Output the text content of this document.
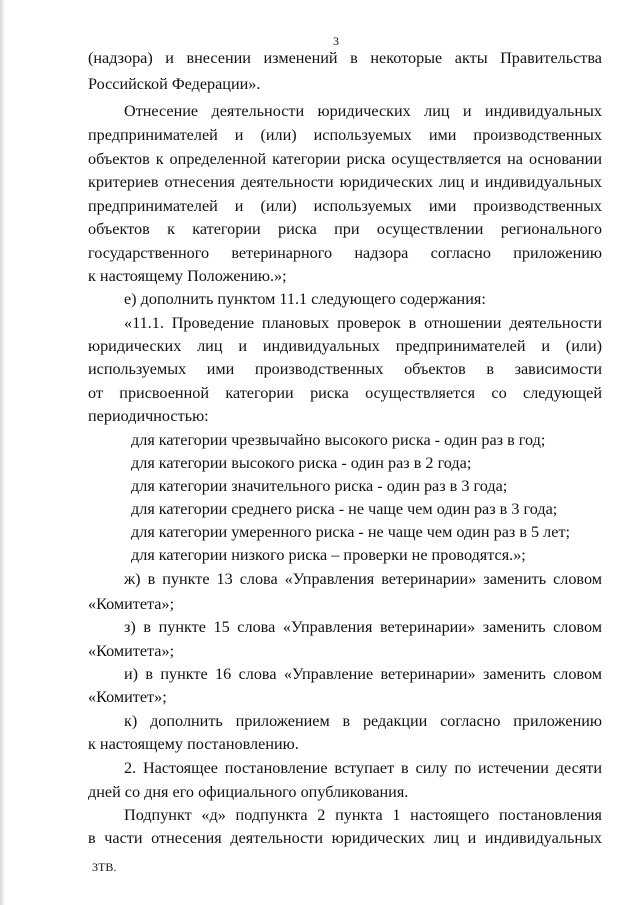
3
(надзора) и внесении изменений в некоторые акты Правительства
Российской Федерации».
Отнесение деятельности юридических лиц и индивидуальных
предпринимателей и (или) используемых ими производственных
объектов к определенной категории риска осуществляется на основании
критериев отнесения деятельности юридических лиц и индивидуальных
предпринимателей и (или) используемых ими производственных
объектов к категории риска при осуществлении регионального
государственного ветеринарного надзора согласно приложению
к настоящему Положению.»;
е) дополнить пунктом 11.1 следующего содержания:
«11.1. Проведение плановых проверок в отношении деятельности
юридических лиц и индивидуальных предпринимателей и (или)
используемых ими производственных объектов в зависимости
от присвоенной категории риска осуществляется со следующей
периодичностью:
для категории чрезвычайно высокого риска - один раз в год;
для категории высокого риска - один раз в 2 года;
для категории значительного риска - один раз в 3 года;
для категории среднего риска - не чаще чем один раз в 3 года;
для категории умеренного риска - не чаще чем один раз в 5 лет;
для категории низкого риска – проверки не проводятся.»;
ж) в пункте 13 слова «Управления ветеринарии» заменить словом
«Комитета»;
з) в пункте 15 слова «Управления ветеринарии» заменить словом
«Комитета»;
и) в пункте 16 слова «Управление ветеринарии» заменить словом
«Комитет»;
к) дополнить приложением в редакции согласно приложению
к настоящему постановлению.
2. Настоящее постановление вступает в силу по истечении десяти
дней со дня его официального опубликования.
Подпункт «д» подпункта 2 пункта 1 настоящего постановления
в части отнесения деятельности юридических лиц и индивидуальных
3ТВ.
